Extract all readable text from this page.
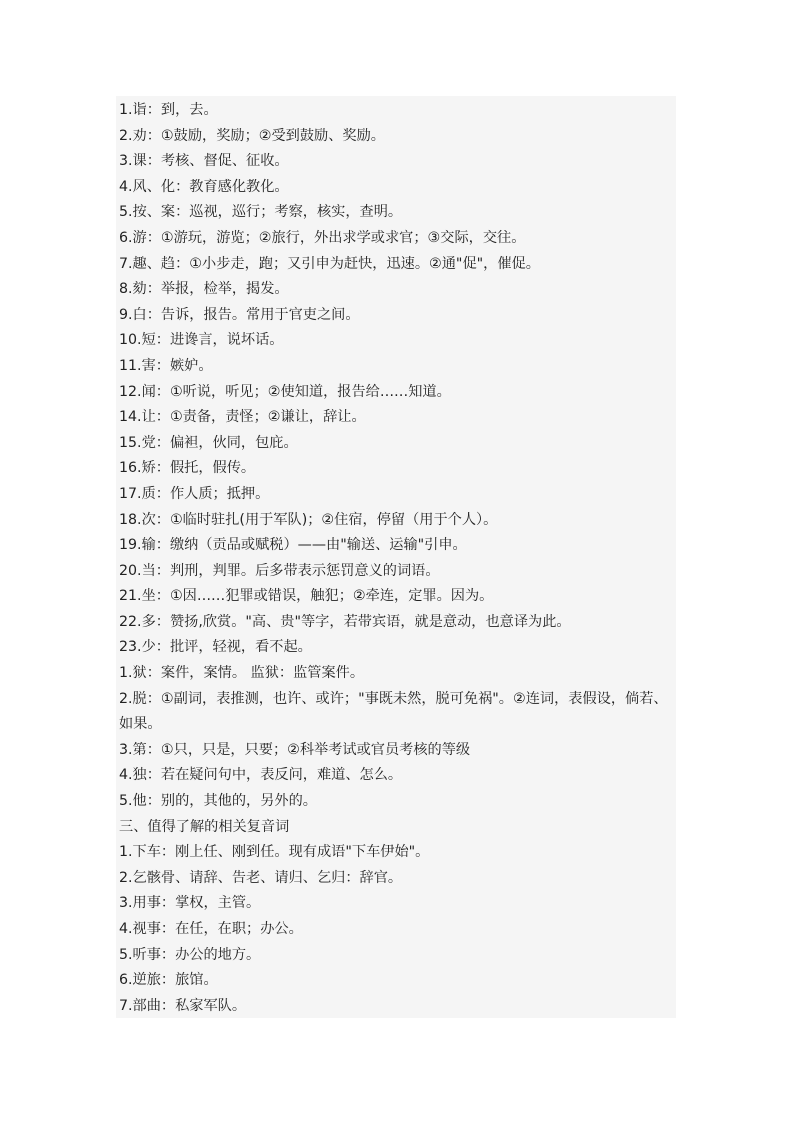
1.诣：到，去。

2.劝：①鼓励，奖励；②受到鼓励、奖励。

3.课：考核、督促、征收。

4.风、化：教育感化教化。

5.按、案：巡视，巡行；考察，核实，查明。

6.游：①游玩，游览；②旅行，外出求学或求官；③交际，交往。

7.趣、趋：①小步走，跑；又引申为赶快，迅速。②通"促"，催促。

8.劾：举报，检举，揭发。

9.白：告诉，报告。常用于官吏之间。

10.短：进谗言，说坏话。

11.害：嫉妒。

12.闻：①听说，听见；②使知道，报告给……知道。

14.让：①责备，责怪；②谦让，辞让。

15.党：偏袒，伙同，包庇。

16.矫：假托，假传。

17.质：作人质；抵押。

18.次：①临时驻扎(用于军队)；②住宿，停留（用于个人）。

19.输：缴纳（贡品或赋税）——由"输送、运输"引申。

20.当：判刑，判罪。后多带表示惩罚意义的词语。

21.坐：①因……犯罪或错误，触犯；②牵连，定罪。因为。

22.多：赞扬,欣赏。"高、贵"等字，若带宾语，就是意动，也意译为此。

23.少：批评，轻视，看不起。

1.狱：案件，案情。 监狱：监管案件。

2.脱：①副词，表推测，也许、或许；"事既未然，脱可免祸"。②连词，表假设，倘若、如果。

3.第：①只，只是，只要；②科举考试或官员考核的等级

4.独：若在疑问句中，表反问，难道、怎么。

5.他：别的，其他的，另外的。

三、值得了解的相关复音词

1.下车：刚上任、刚到任。现有成语"下车伊始"。

2.乞骸骨、请辞、告老、请归、乞归：辞官。

3.用事：掌权，主管。

4.视事：在任，在职；办公。

5.听事：办公的地方。

6.逆旅：旅馆。

7.部曲：私家军队。
